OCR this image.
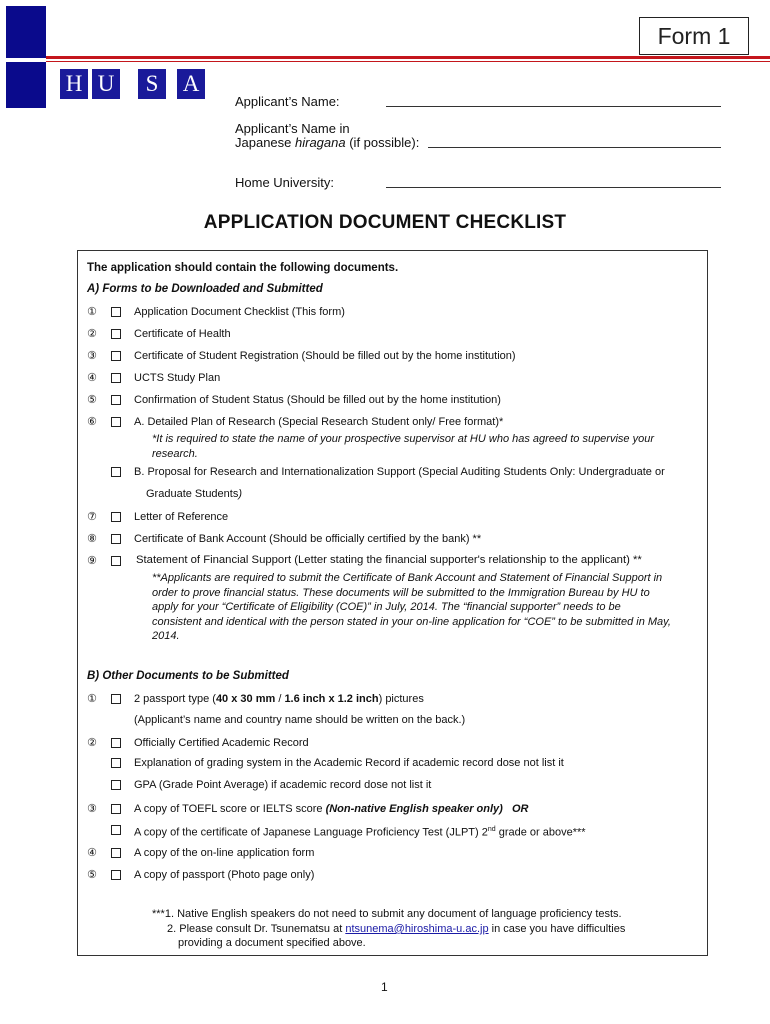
Form 1
H U	S	A
Applicant’s Name:
Applicant’s Name in
Japanese hiragana (if possible):
Home University:
APPLICATION DOCUMENT CHECKLIST
The application should contain the following documents.
A) Forms to be Downloaded and Submitted
①	Application Document Checklist (This form)
②	Certificate of Health
③	Certificate of Student Registration (Should be filled out by the home institution)
④	UCTS Study Plan
⑤	Confirmation of Student Status (Should be filled out by the home institution)
⑥	A. Detailed Plan of Research (Special Research Student only/ Free format)*
*It is required to state the name of your prospective supervisor at HU who has agreed to supervise your
research.
B. Proposal for Research and Internationalization Support (Special Auditing Students Only: Undergraduate or
Graduate Students)
⑦	Letter of Reference
⑧	Certificate of Bank Account (Should be officially certified by the bank) **
⑨	Statement of Financial Support (Letter stating the financial supporter's relationship to the applicant) **
**Applicants are required to submit the Certificate of Bank Account and Statement of Financial Support in
order to prove financial status. These documents will be submitted to the Immigration Bureau by HU to
apply for your “Certificate of Eligibility (COE)” in July, 2014. The “financial supporter” needs to be
consistent and identical with the person stated in your on-line application for “COE” to be submitted in May,
2014.
B) Other Documents to be Submitted
①	2 passport type (40 x 30 mm / 1.6 inch x 1.2 inch) pictures
(Applicant’s name and country name should be written on the back.)
②	Officially Certified Academic Record
Explanation of grading system in the Academic Record if academic record dose not list it
GPA (Grade Point Average) if academic record dose not list it
③	A copy of TOEFL score or IELTS score (Non-native English speaker only) OR
A copy of the certificate of Japanese Language Proficiency Test (JLPT) 2nd grade or above***
④	A copy of the on-line application form
⑤	A copy of passport (Photo page only)
***1. Native English speakers do not need to submit any document of language proficiency tests.
2. Please consult Dr. Tsunematsu at ntsunema@hiroshima-u.ac.jp in case you have difficulties
providing a document specified above.
1
